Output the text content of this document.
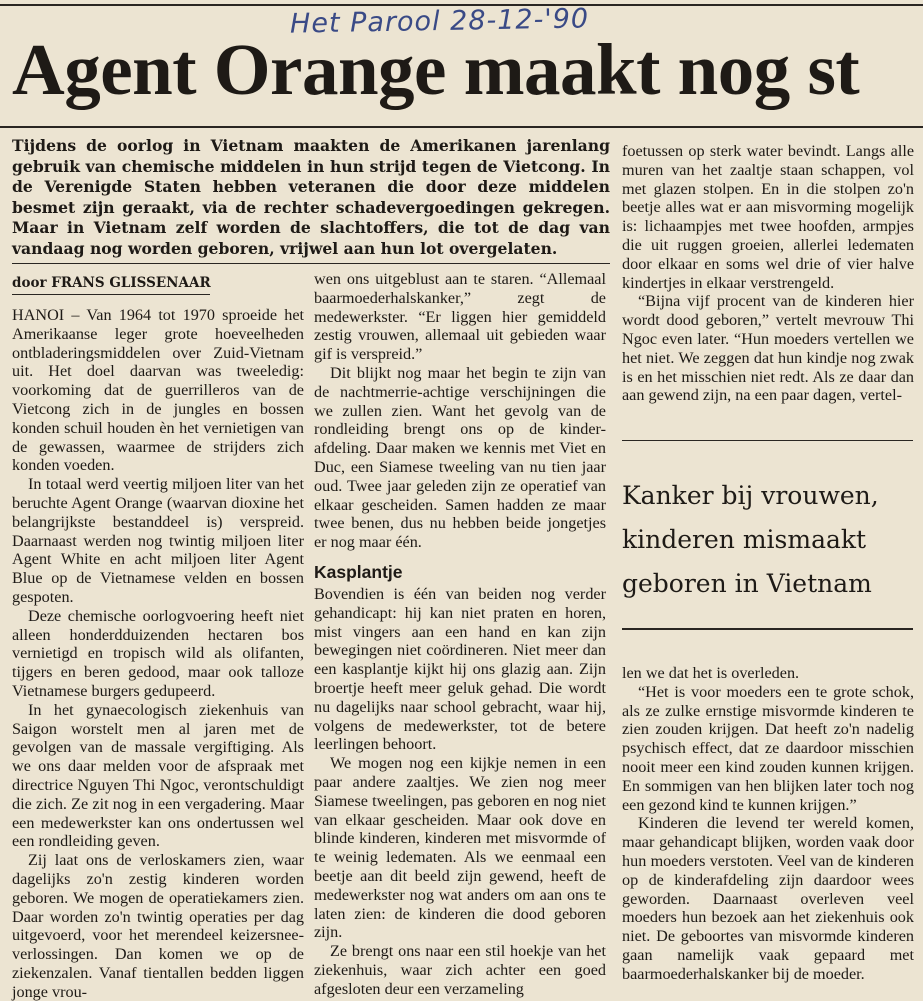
Het Parool 28-12-'90
Agent Orange maakt nog st

Tijdens de oorlog in Vietnam maakten de Amerikanen jarenlang gebruik van chemische middelen in hun strijd tegen de Vietcong. In de Verenigde Staten hebben veteranen die door deze middelen besmet zijn geraakt, via de rechter schadevergoedingen gekregen. Maar in Vietnam zelf worden de slachtoffers, die tot de dag van vandaag nog worden geboren, vrijwel aan hun lot overgelaten.

door FRANS GLISSENAAR

HANOI – Van 1964 tot 1970 sproeide het Amerikaanse leger grote hoeveelheden ontbladeringsmiddelen over Zuid-Vietnam uit. Het doel daarvan was tweeledig: voorkoming dat de guerrilleros van de Vietcong zich in de jungles en bossen konden schuil houden èn het vernietigen van de gewassen, waarmee de strijders zich konden voeden.

In totaal werd veertig miljoen liter van het beruchte Agent Orange (waarvan dioxine het belangrijkste bestanddeel is) verspreid. Daarnaast werden nog twintig miljoen liter Agent White en acht miljoen liter Agent Blue op de Vietnamese velden en bossen gespoten.

Deze chemische oorlogvoering heeft niet alleen honderdduizenden hectaren bos vernietigd en tropisch wild als olifanten, tijgers en beren gedood, maar ook talloze Vietnamese burgers gedupeerd.

In het gynaecologisch ziekenhuis van Saigon worstelt men al jaren met de gevolgen van de massale vergiftiging. Als we ons daar melden voor de afspraak met directrice Nguyen Thi Ngoc, verontschuldigt die zich. Ze zit nog in een vergadering. Maar een medewerkster kan ons ondertussen wel een rondleiding geven.

Zij laat ons de verloskamers zien, waar dagelijks zo'n zestig kinderen worden geboren. We mogen de operatiekamers zien. Daar worden zo'n twintig operaties per dag uitgevoerd, voor het merendeel keizersnee-verlossingen. Dan komen we op de ziekenzalen. Vanaf tientallen bedden liggen jonge vrou-

wen ons uitgeblust aan te staren. “Allemaal baarmoederhalskanker,” zegt de medewerkster. “Er liggen hier gemiddeld zestig vrouwen, allemaal uit gebieden waar gif is verspreid.”

Dit blijkt nog maar het begin te zijn van de nachtmerrie-achtige verschijningen die we zullen zien. Want het gevolg van de rondleiding brengt ons op de kinder-afdeling. Daar maken we kennis met Viet en Duc, een Siamese tweeling van nu tien jaar oud. Twee jaar geleden zijn ze operatief van elkaar gescheiden. Samen hadden ze maar twee benen, dus nu hebben beide jongetjes er nog maar één.

Kasplantje

Bovendien is één van beiden nog verder gehandicapt: hij kan niet praten en horen, mist vingers aan een hand en kan zijn bewegingen niet coördineren. Niet meer dan een kasplantje kijkt hij ons glazig aan. Zijn broertje heeft meer geluk gehad. Die wordt nu dagelijks naar school gebracht, waar hij, volgens de medewerkster, tot de betere leerlingen behoort.

We mogen nog een kijkje nemen in een paar andere zaaltjes. We zien nog meer Siamese tweelingen, pas geboren en nog niet van elkaar gescheiden. Maar ook dove en blinde kinderen, kinderen met misvormde of te weinig ledematen. Als we eenmaal een beetje aan dit beeld zijn gewend, heeft de medewerkster nog wat anders om aan ons te laten zien: de kinderen die dood geboren zijn.

Ze brengt ons naar een stil hoekje van het ziekenhuis, waar zich achter een goed afgesloten deur een verzameling

foetussen op sterk water bevindt. Langs alle muren van het zaaltje staan schappen, vol met glazen stolpen. En in die stolpen zo'n beetje alles wat er aan misvorming mogelijk is: lichaampjes met twee hoofden, armpjes die uit ruggen groeien, allerlei ledematen door elkaar en soms wel drie of vier halve kindertjes in elkaar verstrengeld.

“Bijna vijf procent van de kinderen hier wordt dood geboren,” vertelt mevrouw Thi Ngoc even later. “Hun moeders vertellen we het niet. We zeggen dat hun kindje nog zwak is en het misschien niet redt. Als ze daar dan aan gewend zijn, na een paar dagen, vertel-

Kanker bij vrouwen, kinderen mismaakt geboren in Vietnam

len we dat het is overleden.

“Het is voor moeders een te grote schok, als ze zulke ernstige misvormde kinderen te zien zouden krijgen. Dat heeft zo'n nadelig psychisch effect, dat ze daardoor misschien nooit meer een kind zouden kunnen krijgen. En sommigen van hen blijken later toch nog een gezond kind te kunnen krijgen.”

Kinderen die levend ter wereld komen, maar gehandicapt blijken, worden vaak door hun moeders verstoten. Veel van de kinderen op de kinderafdeling zijn daardoor wees geworden. Daarnaast overleven veel moeders hun bezoek aan het ziekenhuis ook niet. De geboortes van misvormde kinderen gaan namelijk vaak gepaard met baarmoederhalskanker bij de moeder.
